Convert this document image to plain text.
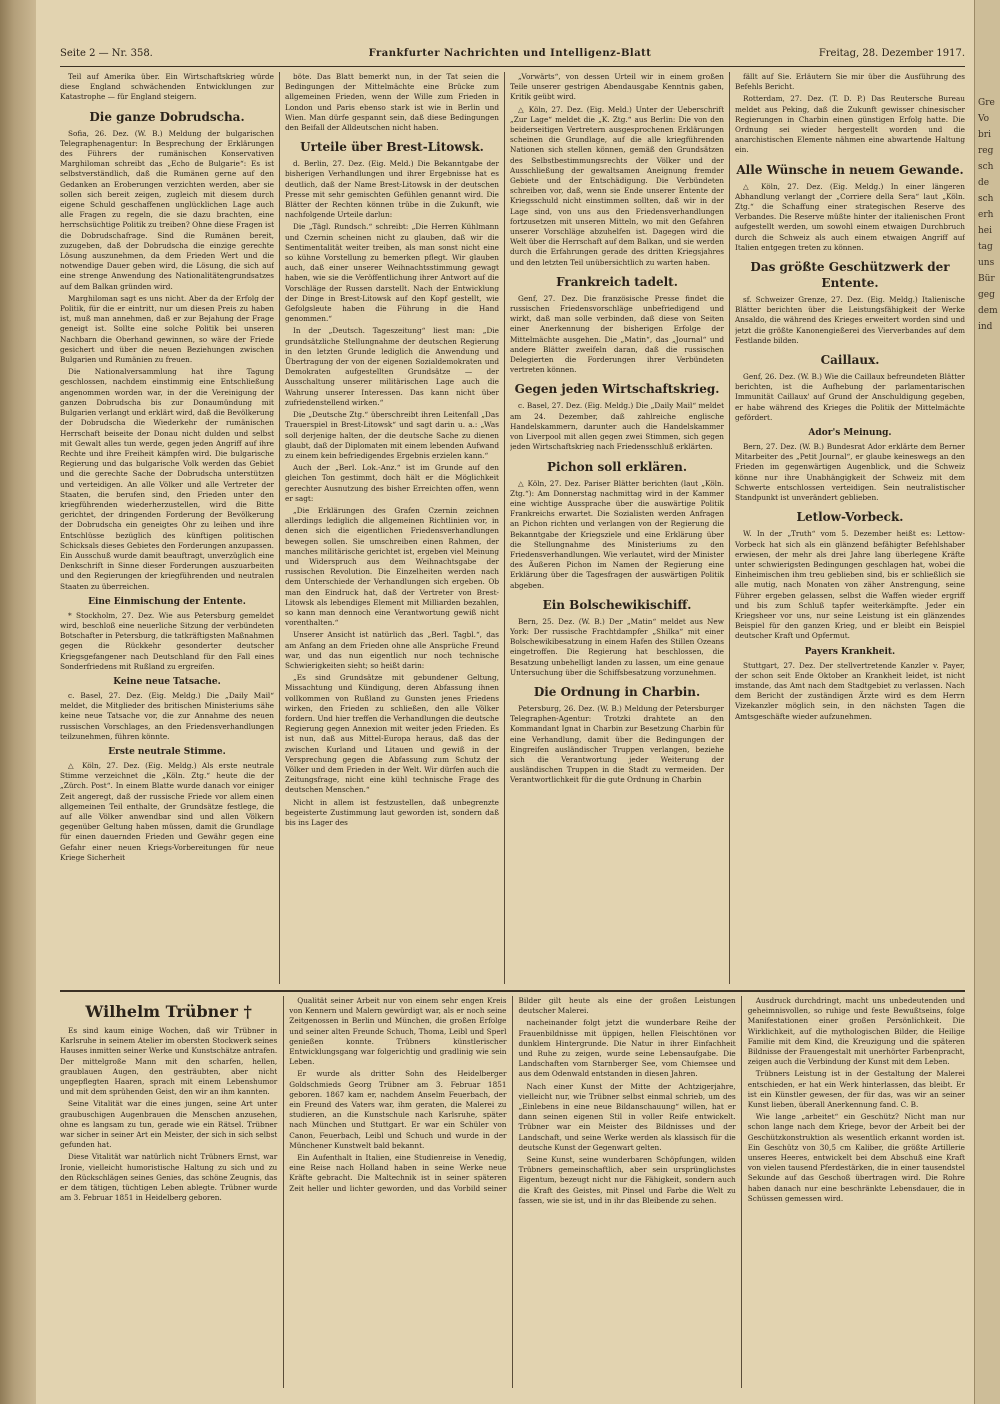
Seite 2 — Nr. 358.	Frankfurter Nachrichten und Intelligenz-Blatt	Freitag, 28. Dezember 1917.

Teil auf Amerika über. Ein Wirtschaftskrieg würde diese England schwächenden Entwicklungen zur Katastrophe — für England steigern.

Die ganze Dobrudscha.

Sofia, 26. Dez. (W. B.) Meldung der bulgarischen Telegraphenagentur: In Besprechung der Erklärungen des Führers der rumänischen Konservativen Marghiloman schreibt das „Echo de Bulgarie“: Es ist selbstverständlich, daß die Rumänen gerne auf den Gedanken an Eroberungen verzichten werden, aber sie sollen sich bereit zeigen, zugleich mit diesem durch eigene Schuld geschaffenen unglücklichen Lage auch alle Fragen zu regeln, die sie dazu brachten, eine herrschsüchtige Politik zu treiben? Ohne diese Fragen ist die Dobrudschafrage. Sind die Rumänen bereit, zuzugeben, daß der Dobrudscha die einzige gerechte Lösung auszunehmen, da dem Frieden Wert und die notwendige Dauer geben wird, die Lösung, die sich auf eine strenge Anwendung des Nationalitätengrundsatzes auf dem Balkan gründen wird.

Marghiloman sagt es uns nicht. Aber da der Erfolg der Politik, für die er eintritt, nur um diesen Preis zu haben ist, muß man annehmen, daß er zur Bejahung der Frage geneigt ist. Sollte eine solche Politik bei unseren Nachbarn die Oberhand gewinnen, so wäre der Friede gesichert und über die neuen Beziehungen zwischen Bulgarien und Rumänien zu freuen.

Die Nationalversammlung hat ihre Tagung geschlossen, nachdem einstimmig eine Entschließung angenommen worden war, in der die Vereinigung der ganzen Dobrudscha bis zur Donaumündung mit Bulgarien verlangt und erklärt wird, daß die Bevölkerung der Dobrudscha die Wiederkehr der rumänischen Herrschaft beiseite der Donau nicht dulden und selbst mit Gewalt alles tun werde, gegen jeden Angriff auf ihre Rechte und ihre Freiheit kämpfen wird. Die bulgarische Regierung und das bulgarische Volk werden das Gebiet und die gerechte Sache der Dobrudscha unterstützen und verteidigen. An alle Völker und alle Vertreter der Staaten, die berufen sind, den Frieden unter den kriegführenden wiederherzustellen, wird die Bitte gerichtet, der dringenden Forderung der Bevölkerung der Dobrudscha ein geneigtes Ohr zu leihen und ihre Entschlüsse bezüglich des künftigen politischen Schicksals dieses Gebietes den Forderungen anzupassen. Ein Ausschuß wurde damit beauftragt, unverzüglich eine Denkschrift in Sinne dieser Forderungen auszuarbeiten und den Regierungen der kriegführenden und neutralen Staaten zu überreichen.

Eine Einmischung der Entente.

* Stockholm, 27. Dez. Wie aus Petersburg gemeldet wird, beschloß eine neuerliche Sitzung der verbündeten Botschafter in Petersburg, die tatkräftigsten Maßnahmen gegen die Rückkehr gesonderter deutscher Kriegsgefangener nach Deutschland für den Fall eines Sonderfriedens mit Rußland zu ergreifen.

Keine neue Tatsache.

c. Basel, 27. Dez. (Eig. Meldg.) Die „Daily Mail“ meldet, die Mitglieder des britischen Ministeriums sähe keine neue Tatsache vor, die zur Annahme des neuen russischen Vorschlages, an den Friedensverhandlungen teilzunehmen, führen könnte.

Erste neutrale Stimme.

△ Köln, 27. Dez. (Eig. Meldg.) Als erste neutrale Stimme verzeichnet die „Köln. Ztg.“ heute die der „Zürch. Post“. In einem Blatte wurde danach vor einiger Zeit angeregt, daß der russische Friede vor allem einen allgemeinen Teil enthalte, der Grundsätze festlege, die auf alle Völker anwendbar sind und allen Völkern gegenüber Geltung haben müssen, damit die Grundlage für einen dauernden Frieden und Gewähr gegen eine Gefahr einer neuen Kriegs-Vorbereitungen für neue Kriege Sicherheit

böte. Das Blatt bemerkt nun, in der Tat seien die Bedingungen der Mittelmächte eine Brücke zum allgemeinen Frieden, wenn der Wille zum Frieden in London und Paris ebenso stark ist wie in Berlin und Wien. Man dürfe gespannt sein, daß diese Bedingungen den Beifall der Alldeutschen nicht haben.

Urteile über Brest-Litowsk.

d. Berlin, 27. Dez. (Eig. Meld.) Die Bekanntgabe der bisherigen Verhandlungen und ihrer Ergebnisse hat es deutlich, daß der Name Brest-Litowsk in der deutschen Presse mit sehr gemischten Gefühlen genannt wird. Die Blätter der Rechten können trübe in die Zukunft, wie nachfolgende Urteile darlun:

Die „Tägl. Rundsch.“ schreibt: „Die Herren Kühlmann und Czernin scheinen nicht zu glauben, daß wir die Sentimentalität weiter treiben, als man sonst nicht eine so kühne Vorstellung zu bemerken pflegt. Wir glauben auch, daß einer unserer Weihnachtsstimmung gewagt haben, wie sie die Veröffentlichung ihrer Antwort auf die Vorschläge der Russen darstellt. Nach der Entwicklung der Dinge in Brest-Litowsk auf den Kopf gestellt, wie Gefolgsleute haben die Führung in die Hand genommen.“

In der „Deutsch. Tageszeitung“ liest man: „Die grundsätzliche Stellungnahme der deutschen Regierung in den letzten Grunde lediglich die Anwendung und Übertragung der von der eigenen Sozialdemokraten und Demokraten aufgestellten Grundsätze — der Ausschaltung unserer militärischen Lage auch die Wahrung unserer Interessen. Das kann nicht über zufriedenstellend wirken.“

Die „Deutsche Ztg.“ überschreibt ihren Leitenfall „Das Trauerspiel in Brest-Litowsk“ und sagt darin u. a.: „Was soll derjenige halten, der die deutsche Sache zu dienen glaubt, daß der Diplomaten mit einem lebenden Aufwand zu einem kein befriedigendes Ergebnis erzielen kann.“

Auch der „Berl. Lok.-Anz.“ ist im Grunde auf den gleichen Ton gestimmt, doch hält er die Möglichkeit gerechter Ausnutzung des bisher Erreichten offen, wenn er sagt:

„Die Erklärungen des Grafen Czernin zeichnen allerdings lediglich die allgemeinen Richtlinien vor, in denen sich die eigentlichen Friedensverhandlungen bewegen sollen. Sie umschreiben einen Rahmen, der manches militärische gerichtet ist, ergeben viel Meinung und Widerspruch aus dem Weihnachtsgabe der russischen Revolution. Die Einzelheiten werden nach dem Unterschiede der Verhandlungen sich ergeben. Ob man den Eindruck hat, daß der Vertreter von Brest-Litowsk als lebendiges Element mit Milliarden bezahlen, so kann man dennoch eine Verantwortung gewiß nicht vorenthalten.“

Unserer Ansicht ist natürlich das „Berl. Tagbl.“, das am Anfang an dem Frieden ohne alle Ansprüche Freund war, und das nun eigentlich nur noch technische Schwierigkeiten sieht; so heißt darin:

„Es sind Grundsätze mit gebundener Geltung, Missachtung und Kündigung, deren Abfassung ihnen vollkommen von Rußland zu Gunsten jenes Friedens wirken, den Frieden zu schließen, den alle Völker fordern. Und hier treffen die Verhandlungen die deutsche Regierung gegen Annexion mit weiter jeden Frieden. Es ist nun, daß aus Mittel-Europa heraus, daß das der zwischen Kurland und Litauen und gewiß in der Versprechung gegen die Abfassung zum Schutz der Völker und dem Frieden in der Welt. Wir dürfen auch die Zeitungsfrage, nicht eine kühl technische Frage des deutschen Menschen.“

Nicht in allem ist festzustellen, daß unbegrenzte begeisterte Zustimmung laut geworden ist, sondern daß bis ins Lager des

„Vorwärts“, von dessen Urteil wir in einem großen Teile unserer gestrigen Abendausgabe Kenntnis gaben, Kritik geübt wird.

△ Köln, 27. Dez. (Eig. Meld.) Unter der Ueberschrift „Zur Lage“ meldet die „K. Ztg.“ aus Berlin: Die von den beiderseitigen Vertretern ausgesprochenen Erklärungen scheinen die Grundlage, auf die alle kriegführenden Nationen sich stellen können, gemäß den Grundsätzen des Selbstbestimmungsrechts der Völker und der Ausschließung der gewaltsamen Aneignung fremder Gebiete und der Entschädigung. Die Verbündeten schreiben vor, daß, wenn sie Ende unserer Entente der Kriegsschuld nicht einstimmen sollten, daß wir in der Lage sind, von uns aus den Friedensverhandlungen fortzusetzen mit unseren Mitteln, wo mit den Gefahren unserer Vorschläge abzuhelfen ist. Dagegen wird die Welt über die Herrschaft auf dem Balkan, und sie werden durch die Erfahrungen gerade des dritten Kriegsjahres und den letzten Teil unübersichtlich zu warten haben.

Frankreich tadelt.

Genf, 27. Dez. Die französische Presse findet die russischen Friedensvorschläge unbefriedigend und wirkt, daß man solle verbinden, daß diese von Seiten einer Anerkennung der bisherigen Erfolge der Mittelmächte ausgehen. Die „Matin“, das „Journal“ und andere Blätter zweifeln daran, daß die russischen Delegierten die Forderungen ihrer Verbündeten vertreten können.

Gegen jeden Wirtschaftskrieg.

c. Basel, 27. Dez. (Eig. Meldg.) Die „Daily Mail“ meldet am 24. Dezember, daß zahlreiche englische Handelskammern, darunter auch die Handelskammer von Liverpool mit allen gegen zwei Stimmen, sich gegen jeden Wirtschaftskrieg nach Friedensschluß erklärten.

Pichon soll erklären.

△ Köln, 27. Dez. Pariser Blätter berichten (laut „Köln. Ztg.“): Am Donnerstag nachmittag wird in der Kammer eine wichtige Aussprache über die auswärtige Politik Frankreichs erwartet. Die Sozialisten werden Anfragen an Pichon richten und verlangen von der Regierung die Bekanntgabe der Kriegsziele und eine Erklärung über die Stellungnahme des Ministeriums zu den Friedensverhandlungen. Wie verlautet, wird der Minister des Äußeren Pichon im Namen der Regierung eine Erklärung über die Tagesfragen der auswärtigen Politik abgeben.

Ein Bolschewikischiff.

Bern, 25. Dez. (W. B.) Der „Matin“ meldet aus New York: Der russische Frachtdampfer „Shilka“ mit einer Bolschewikibesatzung in einem Hafen des Stillen Ozeans eingetroffen. Die Regierung hat beschlossen, die Besatzung unbehelligt landen zu lassen, um eine genaue Untersuchung über die Schiffsbesatzung vorzunehmen.

Die Ordnung in Charbin.

Petersburg, 26. Dez. (W. B.) Meldung der Petersburger Telegraphen-Agentur: Trotzki drahtete an den Kommandant Ignat in Charbin zur Besetzung Charbin für eine Verhandlung, damit über die Bedingungen der Eingreifen ausländischer Truppen verlangen, beziehe sich die Verantwortung jeder Weiterung der ausländischen Truppen in die Stadt zu vermeiden. Der Verantwortlichkeit für die gute Ordnung in Charbin

fällt auf Sie. Erläutern Sie mir über die Ausführung des Befehls Bericht.

Rotterdam, 27. Dez. (T. D. P.) Das Reutersche Bureau meldet aus Peking, daß die Zukunft gewisser chinesischer Regierungen in Charbin einen günstigen Erfolg hatte. Die Ordnung sei wieder hergestellt worden und die anarchistischen Elemente nähmen eine abwartende Haltung ein.

Alle Wünsche in neuem Gewande.

△ Köln, 27. Dez. (Eig. Meldg.) In einer längeren Abhandlung verlangt der „Corriere della Sera“ laut „Köln. Ztg.“ die Schaffung einer strategischen Reserve des Verbandes. Die Reserve müßte hinter der italienischen Front aufgestellt werden, um sowohl einem etwaigen Durchbruch durch die Schweiz als auch einem etwaigen Angriff auf Italien entgegen treten zu können.

Das größte Geschützwerk der Entente.

sf. Schweizer Grenze, 27. Dez. (Eig. Meldg.) Italienische Blätter berichten über die Leistungsfähigkeit der Werke Ansaldo, die während des Krieges erweitert worden sind und jetzt die größte Kanonengießerei des Vierverbandes auf dem Festlande bilden.

Caillaux.

Genf, 26. Dez. (W. B.) Wie die Caillaux befreundeten Blätter berichten, ist die Aufhebung der parlamentarischen Immunität Caillaux' auf Grund der Anschuldigung gegeben, er habe während des Krieges die Politik der Mittelmächte gefördert.

Ador's Meinung.

Bern, 27. Dez. (W. B.) Bundesrat Ador erklärte dem Berner Mitarbeiter des „Petit Journal“, er glaube keineswegs an den Frieden im gegenwärtigen Augenblick, und die Schweiz könne nur ihre Unabhängigkeit der Schweiz mit dem Schwerte entschlossen verteidigen. Sein neutralistischer Standpunkt ist unverändert geblieben.

Letlow-Vorbeck.

W. In der „Truth“ vom 5. Dezember heißt es: Lettow-Vorbeck hat sich als ein glänzend befähigter Befehlshaber erwiesen, der mehr als drei Jahre lang überlegene Kräfte unter schwierigsten Bedingungen geschlagen hat, wobei die Einheimischen ihm treu geblieben sind, bis er schließlich sie alle mutig, nach Monaten von zäher Anstrengung, seine Führer ergeben gelassen, selbst die Waffen wieder ergriff und bis zum Schluß tapfer weiterkämpfte. Jeder ein Kriegsheer vor uns, nur seine Leistung ist ein glänzendes Beispiel für den ganzen Krieg, und er bleibt ein Beispiel deutscher Kraft und Opfermut.

Payers Krankheit.

Stuttgart, 27. Dez. Der stellvertretende Kanzler v. Payer, der schon seit Ende Oktober an Krankheit leidet, ist nicht imstande, das Amt nach dem Stadtgebiet zu verlassen. Nach dem Bericht der zuständigen Ärzte wird es dem Herrn Vizekanzler möglich sein, in den nächsten Tagen die Amtsgeschäfte wieder aufzunehmen.

Wilhelm Trübner †

Es sind kaum einige Wochen, daß wir Trübner in Karlsruhe in seinem Atelier im obersten Stockwerk seines Hauses inmitten seiner Werke und Kunstschätze antrafen. Der mittelgroße Mann mit den scharfen, hellen, graublauen Augen, den gesträubten, aber nicht ungepflegten Haaren, sprach mit einem Lebenshumor und mit dem sprühenden Geist, den wir an ihm kannten.

Seine Vitalität war die eines jungen, seine Art unter graubuschigen Augenbrauen die Menschen anzusehen, ohne es langsam zu tun, gerade wie ein Rätsel. Trübner war sicher in seiner Art ein Meister, der sich in sich selbst gefunden hat.

Diese Vitalität war natürlich nicht Trübners Ernst, war Ironie, vielleicht humoristische Haltung zu sich und zu den Rückschlägen seines Genies, das schöne Zeugnis, das er dem tätigen, tüchtigen Leben ablegte. Trübner wurde am 3. Februar 1851 in Heidelberg geboren.

Qualität seiner Arbeit nur von einem sehr engen Kreis von Kennern und Malern gewürdigt war, als er noch seine Zeitgenossen in Berlin und München, die großen Erfolge und seiner alten Freunde Schuch, Thoma, Leibl und Sperl genießen konnte. Trübners künstlerischer Entwicklungsgang war folgerichtig und gradlinig wie sein Leben.

Er wurde als dritter Sohn des Heidelberger Goldschmieds Georg Trübner am 3. Februar 1851 geboren. 1867 kam er, nachdem Anselm Feuerbach, der ein Freund des Vaters war, ihm geraten, die Malerei zu studieren, an die Kunstschule nach Karlsruhe, später nach München und Stuttgart. Er war ein Schüler von Canon, Feuerbach, Leibl und Schuch und wurde in der Münchener Kunstwelt bald bekannt.

Ein Aufenthalt in Italien, eine Studienreise in Venedig, eine Reise nach Holland haben in seine Werke neue Kräfte gebracht. Die Maltechnik ist in seiner späteren Zeit heller und lichter geworden, und das Vorbild seiner Bilder gilt heute als eine der großen Leistungen deutscher Malerei.

nacheinander folgt jetzt die wunderbare Reihe der Frauenbildnisse mit üppigen, hellen Fleischtönen vor dunklem Hintergrunde. Die Natur in ihrer Einfachheit und Ruhe zu zeigen, wurde seine Lebensaufgabe. Die Landschaften vom Starnberger See, vom Chiemsee und aus dem Odenwald entstanden in diesen Jahren.

Nach einer Kunst der Mitte der Achtzigerjahre, vielleicht nur, wie Trübner selbst einmal schrieb, um des „Einlebens in eine neue Bildanschauung“ willen, hat er dann seinen eigenen Stil in voller Reife entwickelt. Trübner war ein Meister des Bildnisses und der Landschaft, und seine Werke werden als klassisch für die deutsche Kunst der Gegenwart gelten.

Seine Kunst, seine wunderbaren Schöpfungen, wilden Trübners gemeinschaftlich, aber sein ursprünglichstes Eigentum, bezeugt nicht nur die Fähigkeit, sondern auch die Kraft des Geistes, mit Pinsel und Farbe die Welt zu fassen, wie sie ist, und in ihr das Bleibende zu sehen.

Ausdruck durchdringt, macht uns unbedeutenden und geheimnisvollen, so ruhige und feste Bewußtseins, folge Manifestationen einer großen Persönlichkeit. Die Wirklichkeit, auf die mythologischen Bilder, die Heilige Familie mit dem Kind, die Kreuzigung und die späteren Bildnisse der Frauengestalt mit unerhörter Farbenpracht, zeigen auch die Verbindung der Kunst mit dem Leben.

Trübners Leistung ist in der Gestaltung der Malerei entschieden, er hat ein Werk hinterlassen, das bleibt. Er ist ein Künstler gewesen, der für das, was wir an seiner Kunst lieben, überall Anerkennung fand. C. B.

Wie lange „arbeitet“ ein Geschütz? Nicht man nur schon lange nach dem Kriege, bevor der Arbeit bei der Geschützkonstruktion als wesentlich erkannt worden ist. Ein Geschütz von 30,5 cm Kaliber, die größte Artillerie unseres Heeres, entwickelt bei dem Abschuß eine Kraft von vielen tausend Pferdestärken, die in einer tausendstel Sekunde auf das Geschoß übertragen wird. Die Rohre haben danach nur eine beschränkte Lebensdauer, die in Schüssen gemessen wird.

Gre
Vo
bri
reg
sch
de
sch
erh
hei
tag
uns
Bür
geg
dem
ind
